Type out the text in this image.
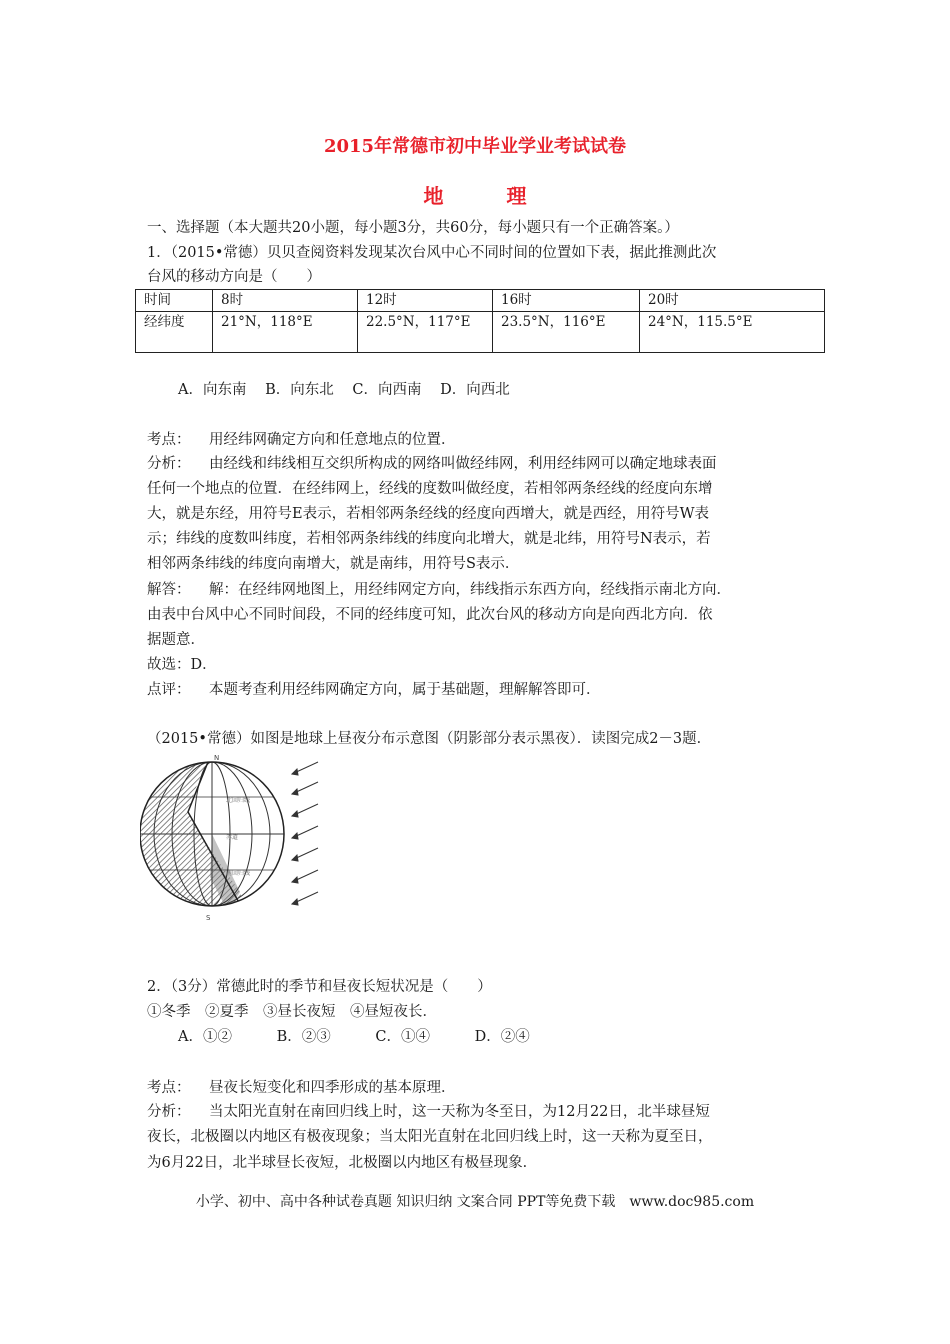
2015年常德市初中毕业学业考试试卷
地 理
一、选择题（本大题共20小题，每小题3分，共60分，每小题只有一个正确答案。）
1．（2015•常德）贝贝查阅资料发现某次台风中心不同时间的位置如下表，据此推测此次
台风的移动方向是（　　）
时间	8时	12时	16时	20时
经纬度	21°N，118°E	22.5°N，117°E	23.5°N，116°E	24°N，115.5°E
A．向东南 B．向东北 C．向西南 D．向西北
考点： 用经纬网确定方向和任意地点的位置．
分析： 由经线和纬线相互交织所构成的网络叫做经纬网，利用经纬网可以确定地球表面
任何一个地点的位置．在经纬网上，经线的度数叫做经度，若相邻两条经线的经度向东增
大，就是东经，用符号E表示，若相邻两条经线的经度向西增大，就是西经，用符号W表
示；纬线的度数叫纬度，若相邻两条纬线的纬度向北增大，就是北纬，用符号N表示，若
相邻两条纬线的纬度向南增大，就是南纬，用符号S表示．
解答： 解：在经纬网地图上，用经纬网定方向，纬线指示东西方向，经线指示南北方向．
由表中台风中心不同时间段，不同的经纬度可知，此次台风的移动方向是向西北方向．依
据题意．
故选：D．
点评： 本题考查利用经纬网确定方向，属于基础题，理解解答即可．
（2015•常德）如图是地球上昼夜分布示意图（阴影部分表示黑夜）．读图完成2－3题．
N
S
北回归线
赤道
南回归线
2．（3分）常德此时的季节和昼夜长短状况是（　　）
①冬季　②夏季　③昼长夜短　④昼短夜长．
A．①②	B．②③	C．①④	D．②④
考点： 昼夜长短变化和四季形成的基本原理．
分析： 当太阳光直射在南回归线上时，这一天称为冬至日，为12月22日，北半球昼短
夜长，北极圈以内地区有极夜现象；当太阳光直射在北回归线上时，这一天称为夏至日，
为6月22日，北半球昼长夜短，北极圈以内地区有极昼现象．
小学、初中、高中各种试卷真题 知识归纳 文案合同 PPT等免费下载　www.doc985.com
